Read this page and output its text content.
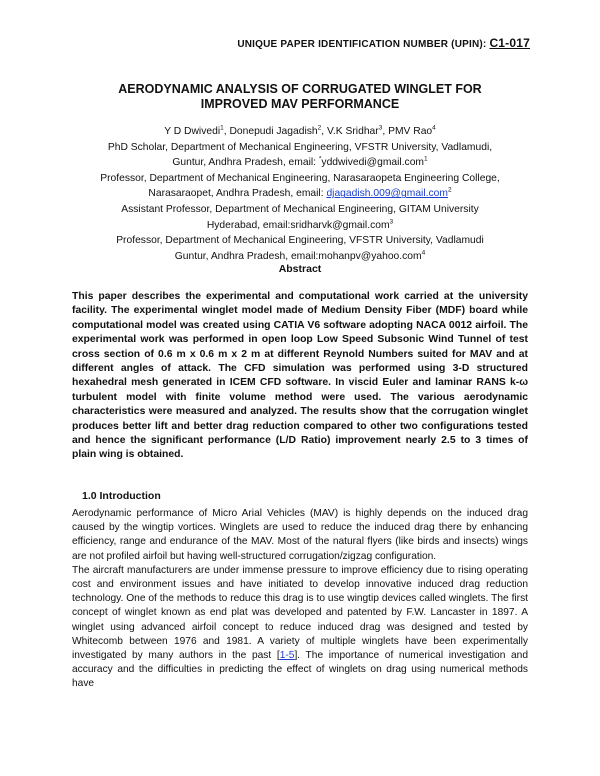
UNIQUE PAPER IDENTIFICATION NUMBER (UPIN): C1-017
AERODYNAMIC ANALYSIS OF CORRUGATED WINGLET FOR
IMPROVED MAV PERFORMANCE
Y D Dwivedi$^1$, Donepudi Jagadish$^2$, V.K Sridhar$^3$, PMV Rao$^4$
PhD Scholar, Department of Mechanical Engineering, VFSTR University, Vadlamudi,
Guntur, Andhra Pradesh, email: *yddwivedi@gmail.com$^1$
Professor, Department of Mechanical Engineering, Narasaraopeta Engineering College,
Narasaraopet, Andhra Pradesh, email: djagadish.009@gmail.com$^2$
Assistant Professor, Department of Mechanical Engineering, GITAM University
Hyderabad, email:sridharvk@gmail.com$^3$
Professor, Department of Mechanical Engineering, VFSTR University, Vadlamudi
Guntur, Andhra Pradesh, email:mohanpv@yahoo.com$^4$
Abstract
This paper describes the experimental and computational work carried at the university facility. The experimental winglet model made of Medium Density Fiber (MDF) board while computational model was created using CATIA V6 software adopting NACA 0012 airfoil. The experimental work was performed in open loop Low Speed Subsonic Wind Tunnel of test cross section of 0.6 m x 0.6 m x 2 m at different Reynold Numbers suited for MAV and at different angles of attack. The CFD simulation was performed using 3-D structured hexahedral mesh generated in ICEM CFD software. In viscid Euler and laminar RANS k-ω turbulent model with finite volume method were used. The various aerodynamic characteristics were measured and analyzed. The results show that the corrugation winglet produces better lift and better drag reduction compared to other two configurations tested and hence the significant performance (L/D Ratio) improvement nearly 2.5 to 3 times of plain wing is obtained.
1.0 Introduction

Aerodynamic performance of Micro Arial Vehicles (MAV) is highly depends on the induced drag caused by the wingtip vortices. Winglets are used to reduce the induced drag there by enhancing efficiency, range and endurance of the MAV. Most of the natural flyers (like birds and insects) wings are not profiled airfoil but having well-structured corrugation/zigzag configuration.

The aircraft manufacturers are under immense pressure to improve efficiency due to rising operating cost and environment issues and have initiated to develop innovative induced drag reduction technology. One of the methods to reduce this drag is to use wingtip devices called winglets. The first concept of winglet known as end plat was developed and patented by F.W. Lancaster in 1897. A winglet using advanced airfoil concept to reduce induced drag was designed and tested by Whitecomb between 1976 and 1981. A variety of multiple winglets have been experimentally investigated by many authors in the past [1-5]. The importance of numerical investigation and accuracy and the difficulties in predicting the effect of winglets on drag using numerical methods have
